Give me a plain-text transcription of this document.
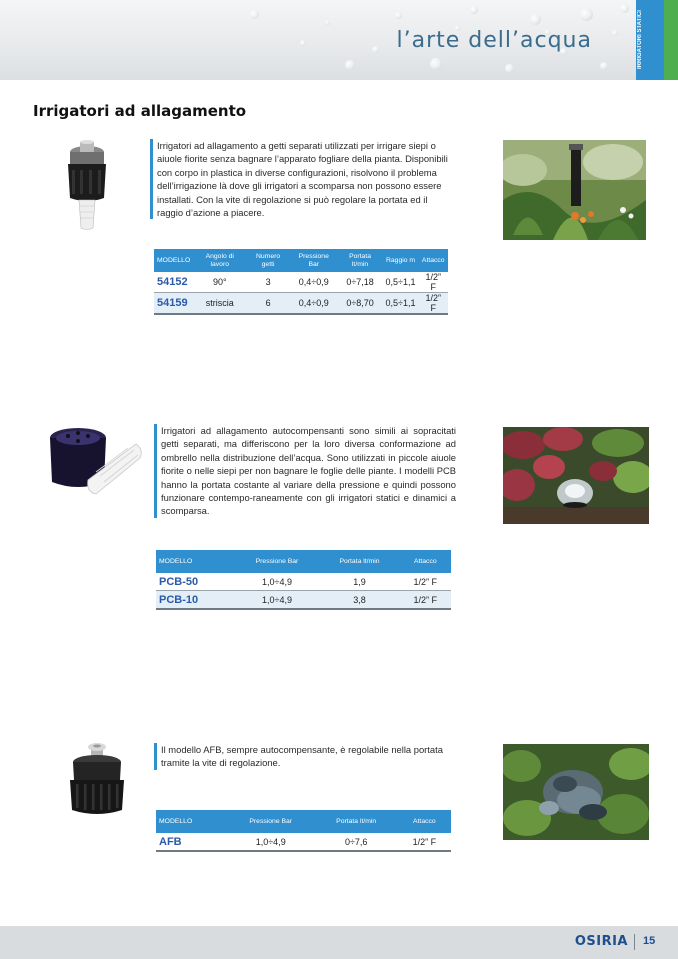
l’arte dell’acqua	IRRIGATORI STATICI
Irrigatori ad allagamento
Irrigatori ad allagamento a getti separati utilizzati per irrigare siepi o aiuole fiorite senza bagnare l’apparato fogliare della pianta. Disponibili con corpo in plastica in diverse configurazioni, risolvono il problema dell’irrigazione là dove gli irrigatori a scomparsa non possono essere installati. Con la vite di regolazione si può regolare la portata ed il raggio d’azione a piacere.
MODELLO	Angolo di lavoro	Numero getti	Pressione Bar	Portata lt/min	Raggio m	Attacco
54152	90°	3	0,4÷0,9	0÷7,18	0,5÷1,1	1/2” F
54159	striscia	6	0,4÷0,9	0÷8,70	0,5÷1,1	1/2” F
Irrigatori ad allagamento autocompensanti sono simili ai sopracitati getti separati, ma differiscono per la loro diversa conformazione ad ombrello nella distribuzione dell’acqua. Sono utilizzati in piccole aiuole fiorite o nelle siepi per non bagnare le foglie delle piante. I modelli PCB hanno la portata costante al variare della pressione e quindi possono funzionare contempo-raneamente con gli irrigatori statici e dinamici a scomparsa.
MODELLO	Pressione Bar	Portata lt/min	Attacco
PCB-50	1,0÷4,9	1,9	1/2” F
PCB-10	1,0÷4,9	3,8	1/2” F
Il modello AFB, sempre autocompensante, è regolabile nella portata tramite la vite di regolazione.
MODELLO	Pressione Bar	Portata lt/min	Attacco
AFB	1,0÷4,9	0÷7,6	1/2” F
OSIRIA 15
